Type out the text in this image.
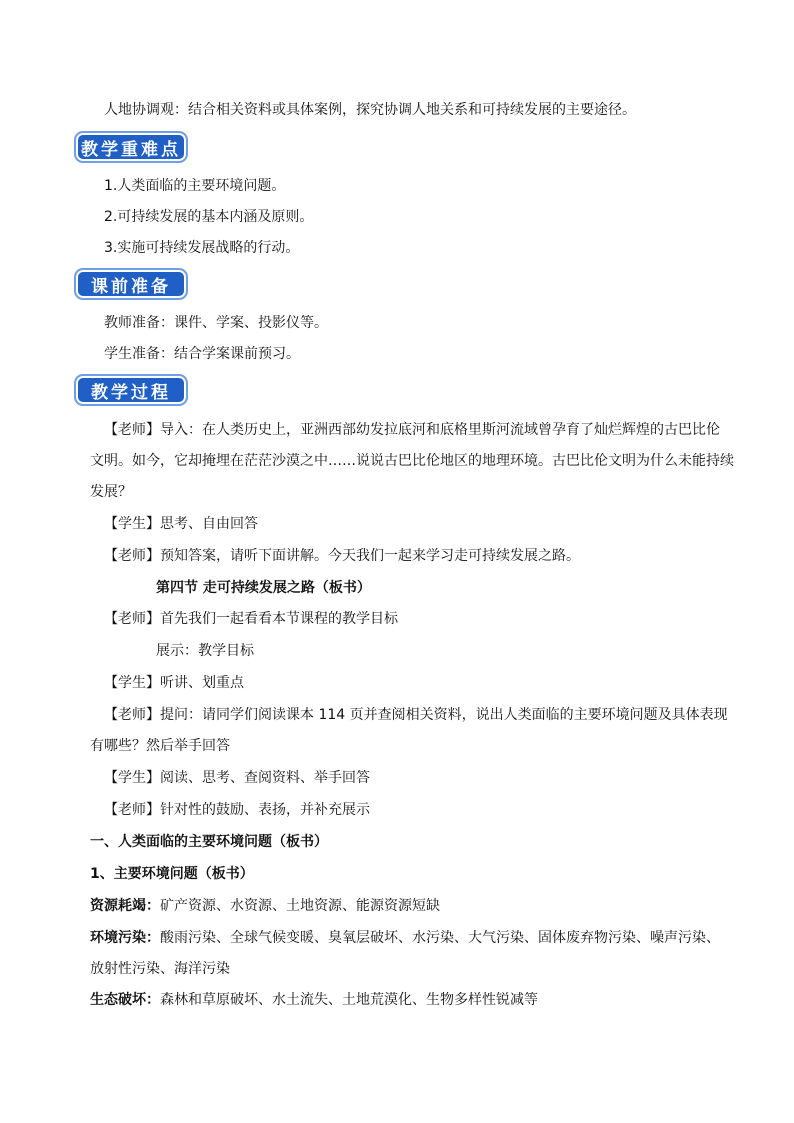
人地协调观：结合相关资料或具体案例，探究协调人地关系和可持续发展的主要途径。
教学重难点
1.人类面临的主要环境问题。
2.可持续发展的基本内涵及原则。
3.实施可持续发展战略的行动。
课前准备
教师准备：课件、学案、投影仪等。
学生准备：结合学案课前预习。
教学过程
【老师】导入：在人类历史上，亚洲西部幼发拉底河和底格里斯河流域曾孕育了灿烂辉煌的古巴比伦
文明。如今，它却掩埋在茫茫沙漠之中……说说古巴比伦地区的地理环境。古巴比伦文明为什么未能持续
发展？
【学生】思考、自由回答
【老师】预知答案，请听下面讲解。今天我们一起来学习走可持续发展之路。
第四节 走可持续发展之路（板书）
【老师】首先我们一起看看本节课程的教学目标
展示：教学目标
【学生】听讲、划重点
【老师】提问：请同学们阅读课本 114 页并查阅相关资料，说出人类面临的主要环境问题及具体表现
有哪些？然后举手回答
【学生】阅读、思考、查阅资料、举手回答
【老师】针对性的鼓励、表扬，并补充展示
一、人类面临的主要环境问题（板书）
1、主要环境问题（板书）
资源耗竭：矿产资源、水资源、土地资源、能源资源短缺
环境污染：酸雨污染、全球气候变暖、臭氧层破坏、水污染、大气污染、固体废弃物污染、噪声污染、
放射性污染、海洋污染
生态破坏：森林和草原破坏、水土流失、土地荒漠化、生物多样性锐减等
